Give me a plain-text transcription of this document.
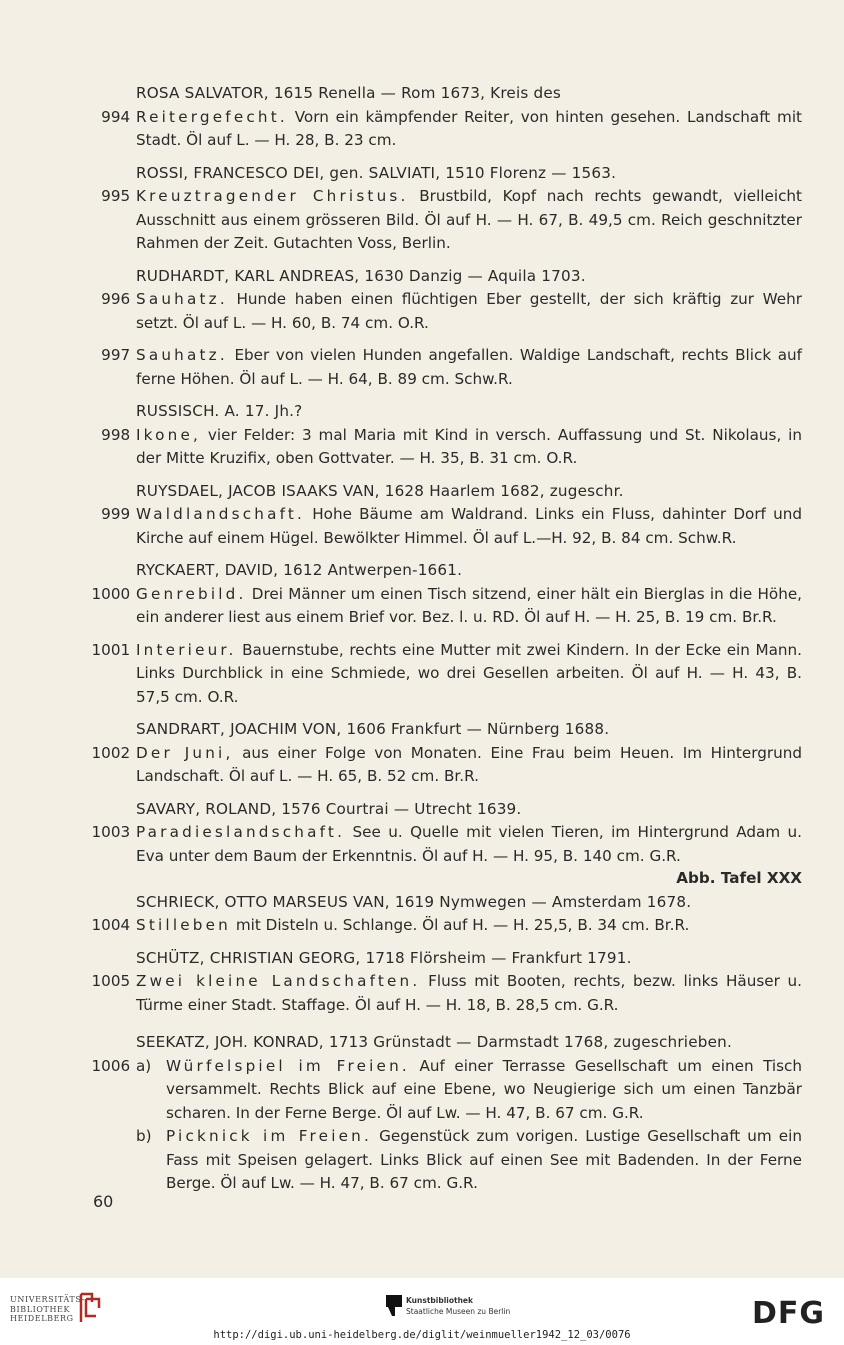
ROSA SALVATOR, 1615 Renella — Rom 1673, Kreis des
994 Reitergefecht. Vorn ein kämpfender Reiter, von hinten gesehen. Landschaft mit Stadt. Öl auf L. — H. 28, B. 23 cm.
ROSSI, FRANCESCO DEI, gen. SALVIATI, 1510 Florenz — 1563.
995 Kreuztragender Christus. Brustbild, Kopf nach rechts gewandt, vielleicht Ausschnitt aus einem grösseren Bild. Öl auf H. — H. 67, B. 49,5 cm. Reich geschnitzter Rahmen der Zeit. Gutachten Voss, Berlin.
RUDHARDT, KARL ANDREAS, 1630 Danzig — Aquila 1703.
996 Sauhatz. Hunde haben einen flüchtigen Eber gestellt, der sich kräftig zur Wehr setzt. Öl auf L. — H. 60, B. 74 cm. O.R.
997 Sauhatz. Eber von vielen Hunden angefallen. Waldige Landschaft, rechts Blick auf ferne Höhen. Öl auf L. — H. 64, B. 89 cm. Schw.R.
RUSSISCH. A. 17. Jh.?
998 Ikone, vier Felder: 3 mal Maria mit Kind in versch. Auffassung und St. Nikolaus, in der Mitte Kruzifix, oben Gottvater. — H. 35, B. 31 cm. O.R.
RUYSDAEL, JACOB ISAAKS VAN, 1628 Haarlem 1682, zugeschr.
999 Waldlandschaft. Hohe Bäume am Waldrand. Links ein Fluss, dahinter Dorf und Kirche auf einem Hügel. Bewölkter Himmel. Öl auf L.—H. 92, B. 84 cm. Schw.R.
RYCKAERT, DAVID, 1612 Antwerpen-1661.
1000 Genrebild. Drei Männer um einen Tisch sitzend, einer hält ein Bierglas in die Höhe, ein anderer liest aus einem Brief vor. Bez. l. u. RD. Öl auf H. — H. 25, B. 19 cm. Br.R.
1001 Interieur. Bauernstube, rechts eine Mutter mit zwei Kindern. In der Ecke ein Mann. Links Durchblick in eine Schmiede, wo drei Gesellen arbeiten. Öl auf H. — H. 43, B. 57,5 cm. O.R.
SANDRART, JOACHIM VON, 1606 Frankfurt — Nürnberg 1688.
1002 Der Juni, aus einer Folge von Monaten. Eine Frau beim Heuen. Im Hintergrund Landschaft. Öl auf L. — H. 65, B. 52 cm. Br.R.
SAVARY, ROLAND, 1576 Courtrai — Utrecht 1639.
1003 Paradieslandschaft. See u. Quelle mit vielen Tieren, im Hintergrund Adam u. Eva unter dem Baum der Erkenntnis. Öl auf H. — H. 95, B. 140 cm. G.R.
Abb. Tafel XXX
SCHRIECK, OTTO MARSEUS VAN, 1619 Nymwegen — Amsterdam 1678.
1004 Stilleben mit Disteln u. Schlange. Öl auf H. — H. 25,5, B. 34 cm. Br.R.
SCHÜTZ, CHRISTIAN GEORG, 1718 Flörsheim — Frankfurt 1791.
1005 Zwei kleine Landschaften. Fluss mit Booten, rechts, bezw. links Häuser u. Türme einer Stadt. Staffage. Öl auf H. — H. 18, B. 28,5 cm. G.R.
SEEKATZ, JOH. KONRAD, 1713 Grünstadt — Darmstadt 1768, zugeschrieben.
1006 a) Würfelspiel im Freien. Auf einer Terrasse Gesellschaft um einen Tisch versammelt. Rechts Blick auf eine Ebene, wo Neugierige sich um einen Tanzbär scharen. In der Ferne Berge. Öl auf Lw. — H. 47, B. 67 cm. G.R.
b) Picknick im Freien. Gegenstück zum vorigen. Lustige Gesellschaft um ein Fass mit Speisen gelagert. Links Blick auf einen See mit Badenden. In der Ferne Berge. Öl auf Lw. — H. 47, B. 67 cm. G.R.
60
UNIVERSITÄTS-
BIBLIOTHEK
HEIDELBERG
Kunstbibliothek
Staatliche Museen zu Berlin	DFG
http://digi.ub.uni-heidelberg.de/diglit/weinmueller1942_12_03/0076
